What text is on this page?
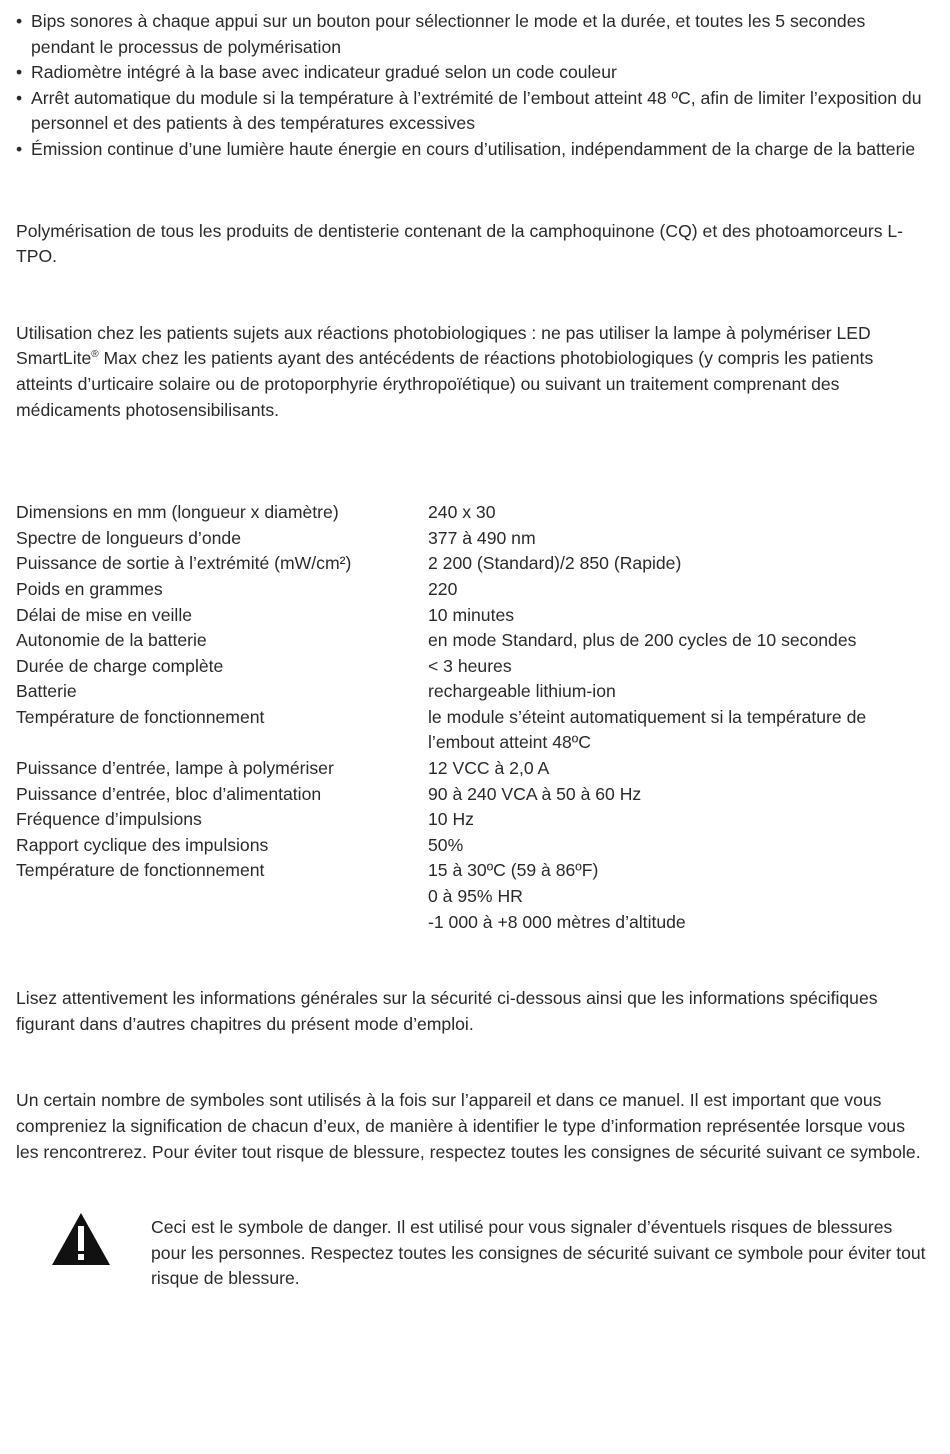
• Bips sonores à chaque appui sur un bouton pour sélectionner le mode et la durée, et toutes les 5 secondes pendant le processus de polymérisation
• Radiomètre intégré à la base avec indicateur gradué selon un code couleur
• Arrêt automatique du module si la température à l’extrémité de l’embout atteint 48 ºC, afin de limiter l’exposition du personnel et des patients à des températures excessives
• Émission continue d’une lumière haute énergie en cours d’utilisation, indépendamment de la charge de la batterie

Polymérisation de tous les produits de dentisterie contenant de la camphoquinone (CQ) et des photoamorceurs L-TPO.

Utilisation chez les patients sujets aux réactions photobiologiques : ne pas utiliser la lampe à polymériser LED SmartLite® Max chez les patients ayant des antécédents de réactions photobiologiques (y compris les patients atteints d’urticaire solaire ou de protoporphyrie érythropoïétique) ou suivant un traitement comprenant des médicaments photosensibilisants.

Dimensions en mm (longueur x diamètre)	240 x 30
Spectre de longueurs d’onde	377 à 490 nm
Puissance de sortie à l’extrémité (mW/cm²)	2 200 (Standard)/2 850 (Rapide)
Poids en grammes	220
Délai de mise en veille	10 minutes
Autonomie de la batterie	en mode Standard, plus de 200 cycles de 10 secondes
Durée de charge complète	< 3 heures
Batterie	rechargeable lithium-ion
Température de fonctionnement	le module s’éteint automatiquement si la température de l’embout atteint 48ºC
Puissance d’entrée, lampe à polymériser	12 VCC à 2,0 A
Puissance d’entrée, bloc d’alimentation	90 à 240 VCA à 50 à 60 Hz
Fréquence d’impulsions	10 Hz
Rapport cyclique des impulsions	50%
Température de fonctionnement	15 à 30ºC (59 à 86ºF)
	0 à 95% HR
	-1 000 à +8 000 mètres d’altitude

Lisez attentivement les informations générales sur la sécurité ci-dessous ainsi que les informations spécifiques figurant dans d’autres chapitres du présent mode d’emploi.

Un certain nombre de symboles sont utilisés à la fois sur l’appareil et dans ce manuel. Il est important que vous compreniez la signification de chacun d’eux, de manière à identifier le type d’information représentée lorsque vous les rencontrerez. Pour éviter tout risque de blessure, respectez toutes les consignes de sécurité suivant ce symbole.

Ceci est le symbole de danger. Il est utilisé pour vous signaler d’éventuels risques de blessures pour les personnes. Respectez toutes les consignes de sécurité suivant ce symbole pour éviter tout risque de blessure.
